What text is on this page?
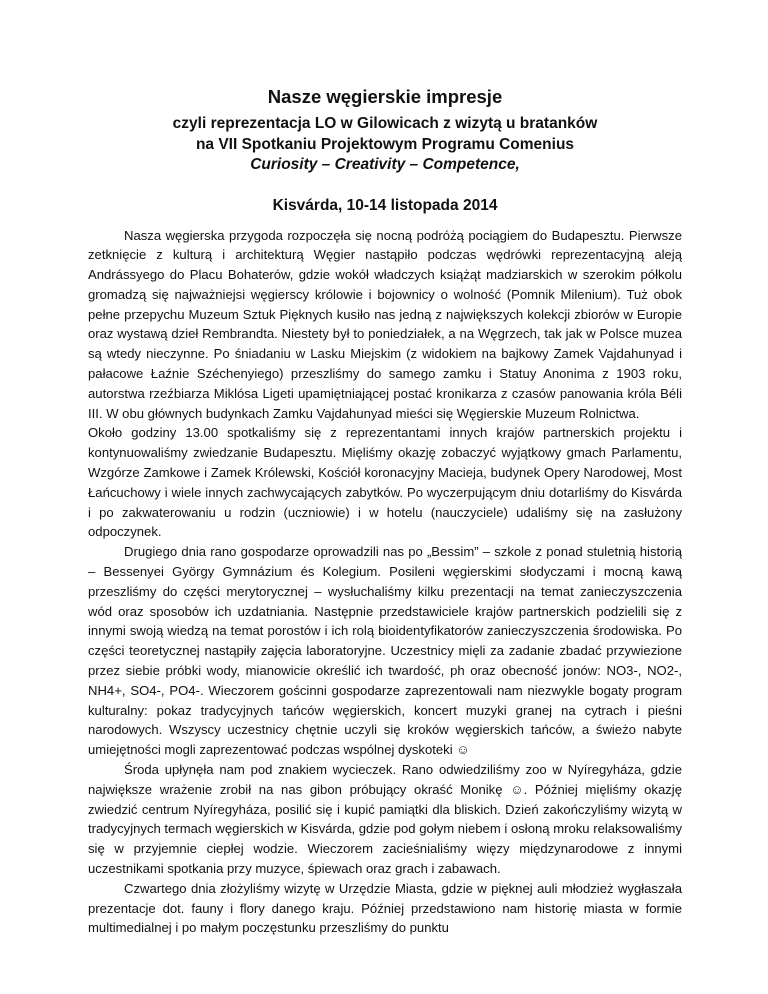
Nasze węgierskie impresje

czyli reprezentacja LO w Gilowicach z wizytą u bratanków

na VII Spotkaniu Projektowym Programu Comenius

Curiosity – Creativity – Competence,

Kisvárda, 10-14 listopada 2014

Nasza węgierska przygoda rozpoczęła się nocną podróżą pociągiem do Budapesztu. Pierwsze zetknięcie z kulturą i architekturą Węgier nastąpiło podczas wędrówki reprezentacyjną aleją Andrássyego do Placu Bohaterów, gdzie wokół władczych książąt madziarskich w szerokim półkolu gromadzą się najważniejsi węgierscy królowie i bojownicy o wolność (Pomnik Milenium). Tuż obok pełne przepychu Muzeum Sztuk Pięknych kusiło nas jedną z największych kolekcji zbiorów w Europie oraz wystawą dzieł Rembrandta. Niestety był to poniedziałek, a na Węgrzech, tak jak w Polsce muzea są wtedy nieczynne. Po śniadaniu w Lasku Miejskim (z widokiem na bajkowy Zamek Vajdahunyad i pałacowe Łaźnie Széchenyiego) przeszliśmy do samego zamku i Statuy Anonima z 1903 roku, autorstwa rzeźbiarza Miklósa Ligeti upamiętniającej postać kronikarza z czasów panowania króla Béli III. W obu głównych budynkach Zamku Vajdahunyad mieści się Węgierskie Muzeum Rolnictwa.

Około godziny 13.00 spotkaliśmy się z reprezentantami innych krajów partnerskich projektu i kontynuowaliśmy zwiedzanie Budapesztu. Mięliśmy okazję zobaczyć wyjątkowy gmach Parlamentu, Wzgórze Zamkowe i Zamek Królewski, Kościół koronacyjny Macieja, budynek Opery Narodowej, Most Łańcuchowy i wiele innych zachwycających zabytków. Po wyczerpującym dniu dotarliśmy do Kisvárda i po zakwaterowaniu u rodzin (uczniowie) i w hotelu (nauczyciele) udaliśmy się na zasłużony odpoczynek.

Drugiego dnia rano gospodarze oprowadzili nas po „Bessim” – szkole z ponad stuletnią historią – Bessenyei György Gymnázium és Kolegium. Posileni węgierskimi słodyczami i mocną kawą przeszliśmy do części merytorycznej – wysłuchaliśmy kilku prezentacji na temat zanieczyszczenia wód oraz sposobów ich uzdatniania. Następnie przedstawiciele krajów partnerskich podzielili się z innymi swoją wiedzą na temat porostów i ich rolą bioidentyfikatorów zanieczyszczenia środowiska. Po części teoretycznej nastąpiły zajęcia laboratoryjne. Uczestnicy mięli za zadanie zbadać przywiezione przez siebie próbki wody, mianowicie określić ich twardość, ph oraz obecność jonów: NO3-, NO2-, NH4+, SO4-, PO4-. Wieczorem gościnni gospodarze zaprezentowali nam niezwykle bogaty program kulturalny: pokaz tradycyjnych tańców węgierskich, koncert muzyki granej na cytrach i pieśni narodowych. Wszyscy uczestnicy chętnie uczyli się kroków węgierskich tańców, a świeżo nabyte umiejętności mogli zaprezentować podczas wspólnej dyskoteki ☺

Środa upłynęła nam pod znakiem wycieczek. Rano odwiedziliśmy zoo w Nyíregyháza, gdzie największe wrażenie zrobił na nas gibon próbujący okraść Monikę ☺. Później mięliśmy okazję zwiedzić centrum Nyíregyháza, posilić się i kupić pamiątki dla bliskich. Dzień zakończyliśmy wizytą w tradycyjnych termach węgierskich w Kisvárda, gdzie pod gołym niebem i osłoną mroku relaksowaliśmy się w przyjemnie ciepłej wodzie. Wieczorem zacieśnialiśmy więzy międzynarodowe z innymi uczestnikami spotkania przy muzyce, śpiewach oraz grach i zabawach.

Czwartego dnia złożyliśmy wizytę w Urzędzie Miasta, gdzie w pięknej auli młodzież wygłaszała prezentacje dot. fauny i flory danego kraju. Później przedstawiono nam historię miasta w formie multimedialnej i po małym poczęstunku przeszliśmy do punktu
